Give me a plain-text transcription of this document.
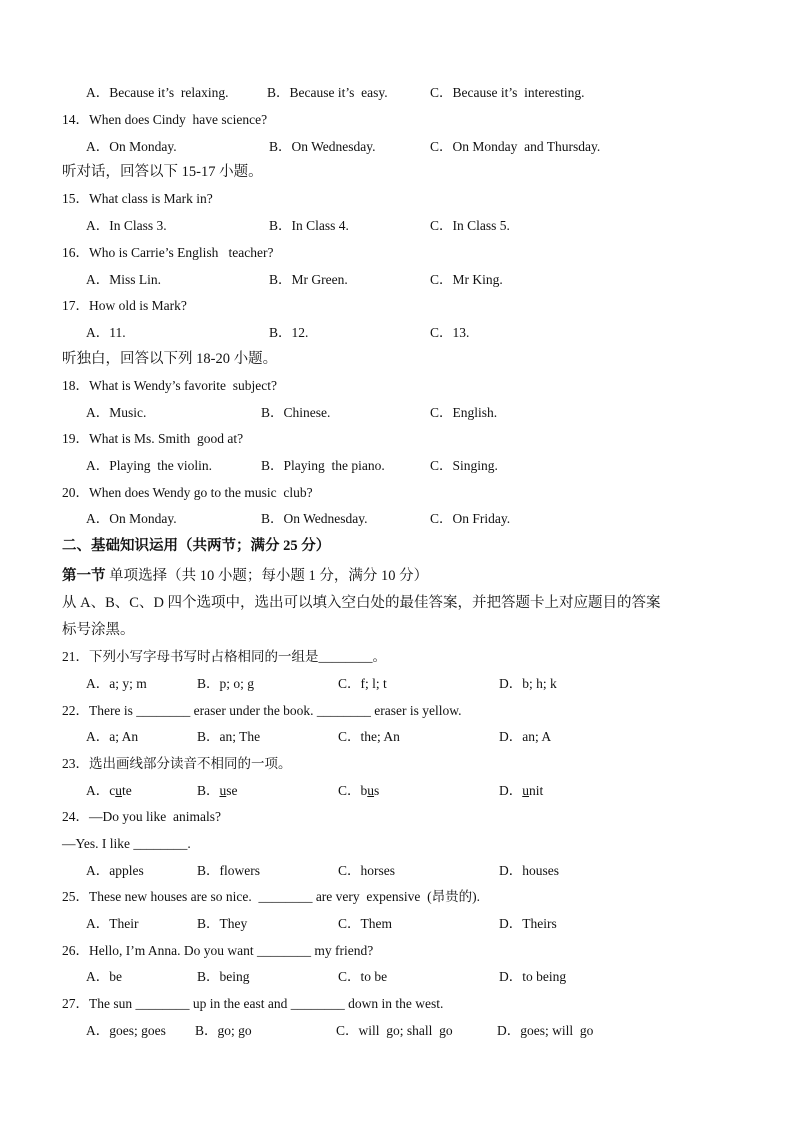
A．Because it’s  relaxing.

	B．Because it’s  easy.

	C．Because it’s  interesting.

14．When does Cindy  have science?

A．On Monday.

	B．On Wednesday.

	C．On Monday  and Thursday.

听对话，回答以下 15-17 小题。
15．What class is Mark in?

A．In Class 3.

	B．In Class 4.

	C．In Class 5.

16．Who is Carrie’s English   teacher?

A．Miss Lin.

	B．Mr Green.

	C．Mr King.

17．How old is Mark?

A．11.

	B．12.

	C．13.

听独白，回答以下列 18-20 小题。
18．What is Wendy’s favorite  subject?

A．Music.

	B．Chinese.

	C．English.

19．What is Ms. Smith  good at?

A．Playing  the violin.

	B．Playing  the piano.

	C．Singing.

20．When does Wendy go to the music  club?

A．On Monday.

	B．On Wednesday.

	C．On Friday.

二、基础知识运用（共两节；满分 25 分）
第一节 单项选择（共 10 小题；每小题 1 分，满分 10 分）
从 A、B、C、D 四个选项中，选出可以填入空白处的最佳答案，并把答题卡上对应题目的答案
标号涂黑。
21．下列小写字母书写时占格相同的一组是________。

A．a; y; m

	B．p; o; g

	C．f; l; t

	D．b; h; k

22．There is ________ eraser under the book. ________ eraser is yellow.

A．a; An

	B．an; The

	C．the; An

	D．an; A

23．选出画线部分读音不相同的一项。

A．cute

	B．use

	C．bus

	D．unit

24．—Do you like  animals?
—Yes. I like ________.

A．apples

	B．flowers

	C．horses

	D．houses

25．These new houses are so nice.  ________ are very  expensive  (昂贵的).

A．Their

	B．They

	C．Them

	D．Theirs

26．Hello, I’m Anna. Do you want ________ my friend?

A．be

	B．being

	C．to be

	D．to being

27．The sun ________ up in the east and ________ down in the west.

A．goes; goes

B．go; go

	C．will  go; shall  go

	D．goes; will  go
